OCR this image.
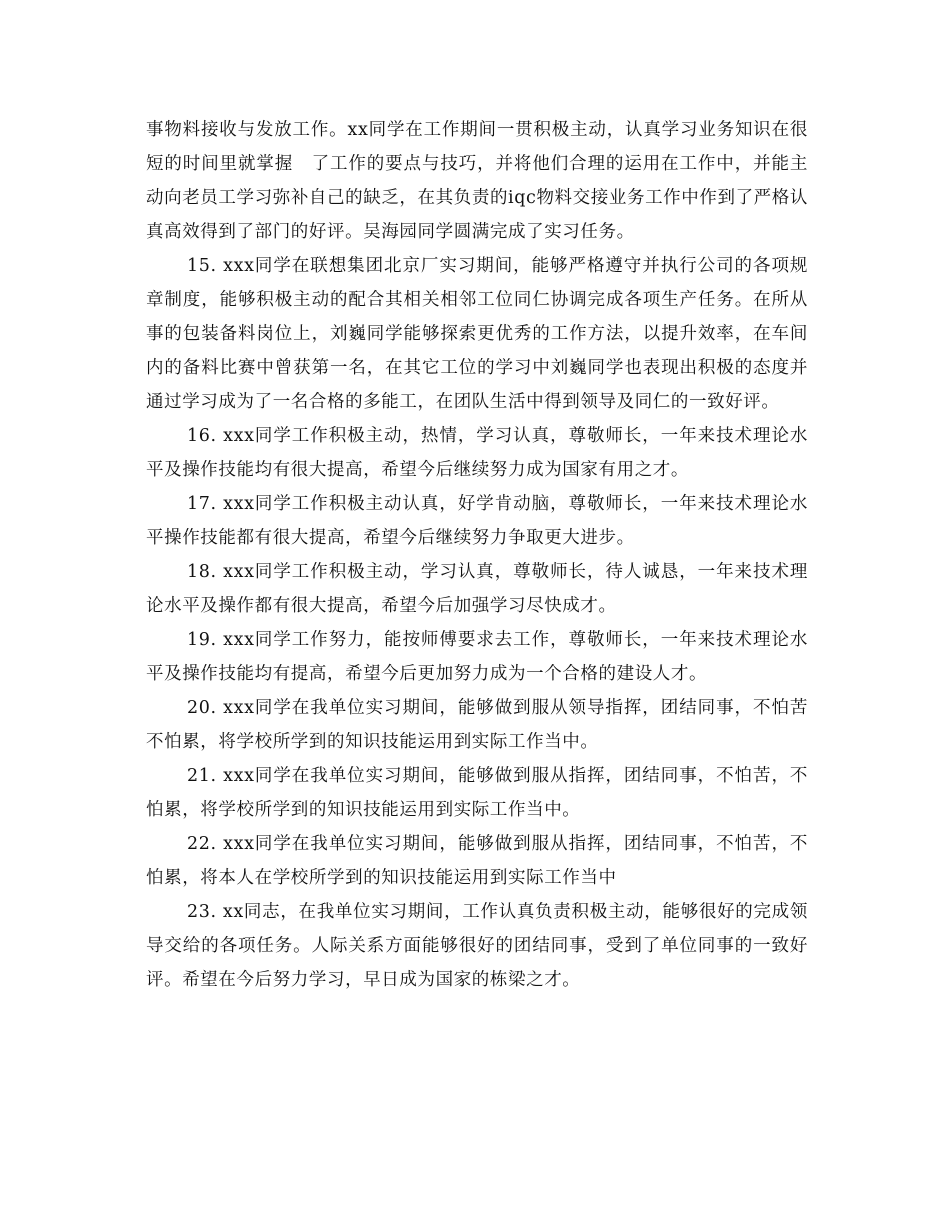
事物料接收与发放工作。xx同学在工作期间一贯积极主动，认真学习业务知识在很短的时间里就掌握　了工作的要点与技巧，并将他们合理的运用在工作中，并能主动向老员工学习弥补自己的缺乏，在其负责的iqc物料交接业务工作中作到了严格认真高效得到了部门的好评。吴海园同学圆满完成了实习任务。

15. xxx同学在联想集团北京厂实习期间，能够严格遵守并执行公司的各项规章制度，能够积极主动的配合其相关相邻工位同仁协调完成各项生产任务。在所从事的包装备料岗位上，刘巍同学能够探索更优秀的工作方法，以提升效率，在车间内的备料比赛中曾获第一名，在其它工位的学习中刘巍同学也表现出积极的态度并通过学习成为了一名合格的多能工，在团队生活中得到领导及同仁的一致好评。

16. xxx同学工作积极主动，热情，学习认真，尊敬师长，一年来技术理论水平及操作技能均有很大提高，希望今后继续努力成为国家有用之才。

17. xxx同学工作积极主动认真，好学肯动脑，尊敬师长，一年来技术理论水平操作技能都有很大提高，希望今后继续努力争取更大进步。

18. xxx同学工作积极主动，学习认真，尊敬师长，待人诚恳，一年来技术理论水平及操作都有很大提高，希望今后加强学习尽快成才。

19. xxx同学工作努力，能按师傅要求去工作，尊敬师长，一年来技术理论水平及操作技能均有提高，希望今后更加努力成为一个合格的建设人才。

20. xxx同学在我单位实习期间，能够做到服从领导指挥，团结同事，不怕苦不怕累，将学校所学到的知识技能运用到实际工作当中。

21. xxx同学在我单位实习期间，能够做到服从指挥，团结同事，不怕苦，不怕累，将学校所学到的知识技能运用到实际工作当中。

22. xxx同学在我单位实习期间，能够做到服从指挥，团结同事，不怕苦，不怕累，将本人在学校所学到的知识技能运用到实际工作当中

23. xx同志，在我单位实习期间，工作认真负责积极主动，能够很好的完成领导交给的各项任务。人际关系方面能够很好的团结同事，受到了单位同事的一致好评。希望在今后努力学习，早日成为国家的栋梁之才。
